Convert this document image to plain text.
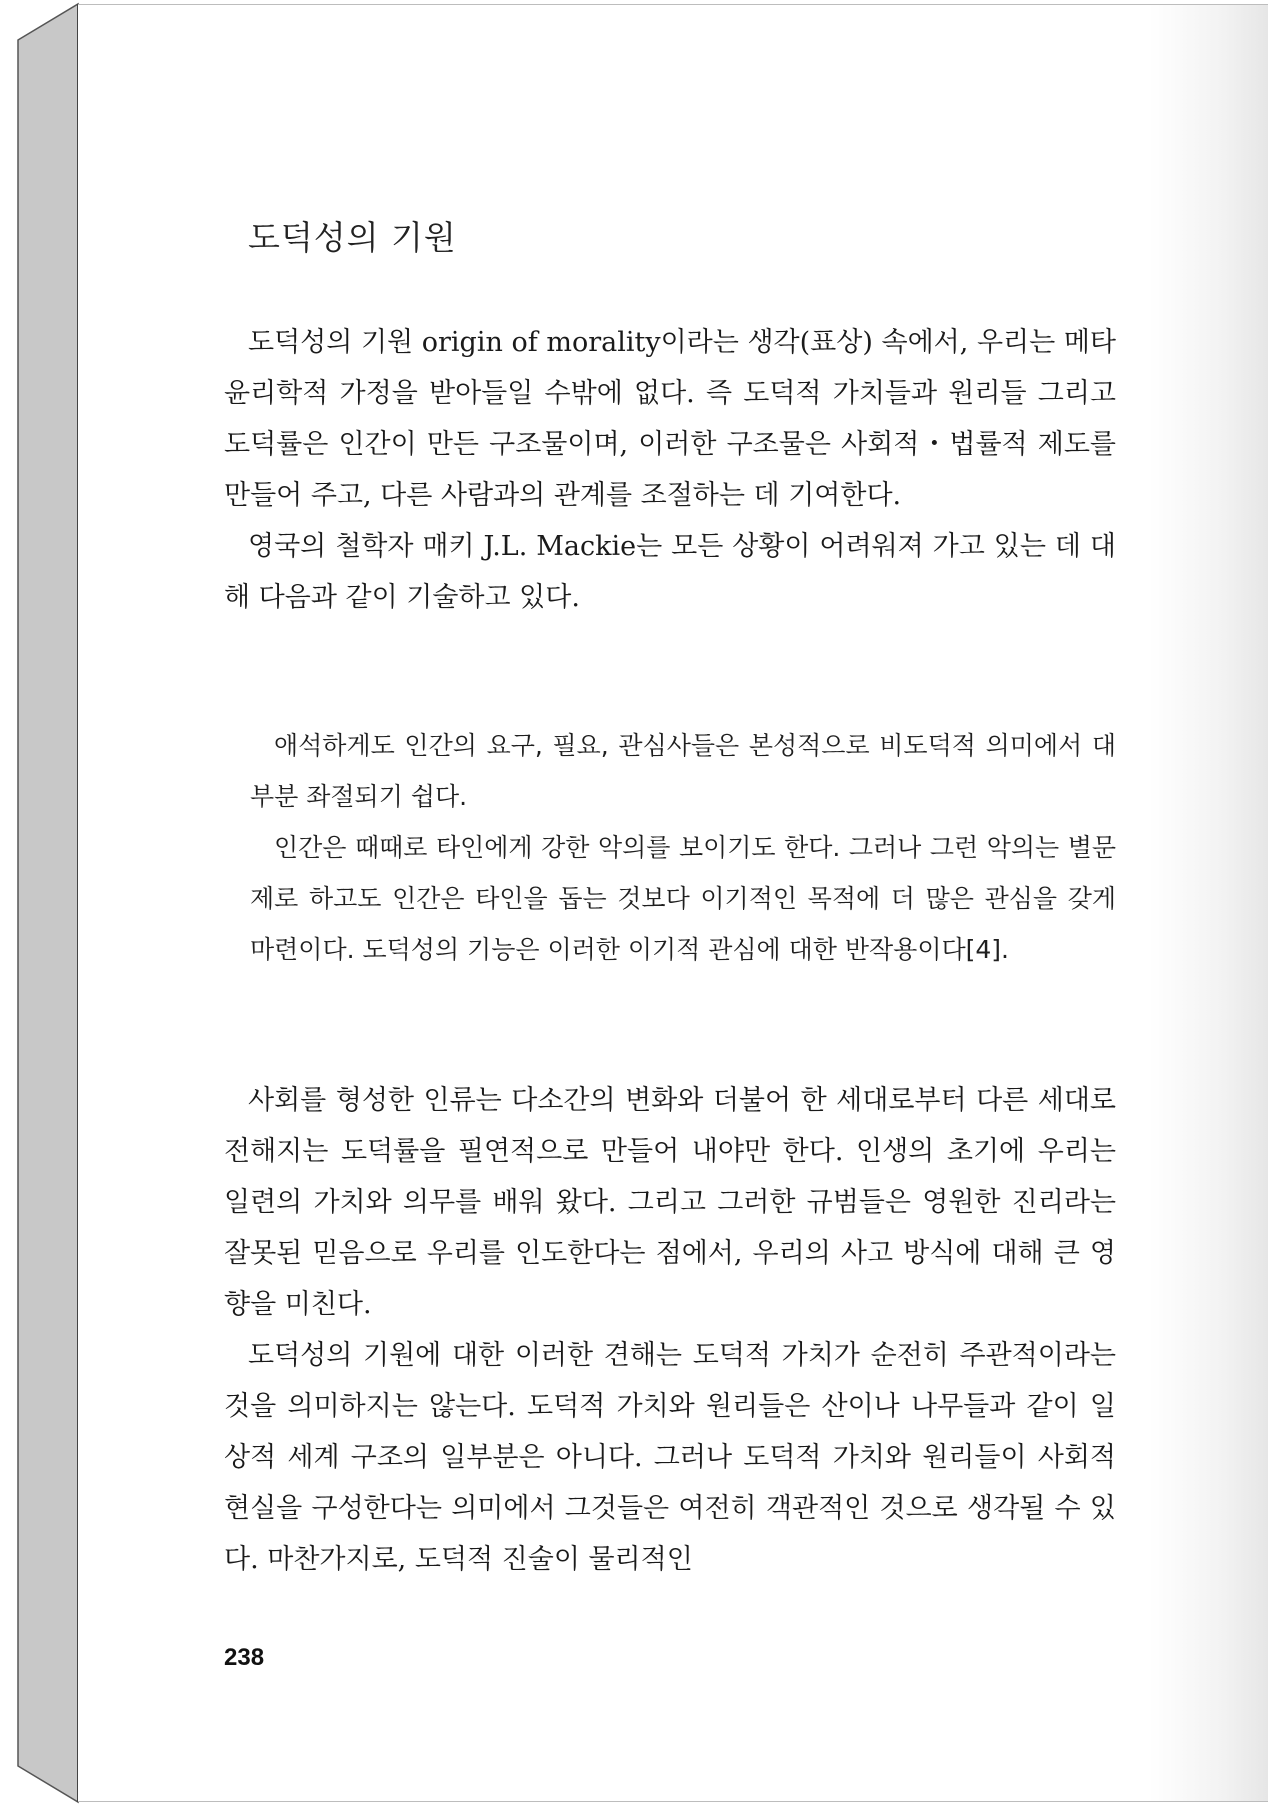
도덕성의 기원

도덕성의 기원 origin of morality이라는 생각(표상) 속에서, 우리는 메타 윤리학적 가정을 받아들일 수밖에 없다. 즉 도덕적 가치들과 원리들 그리고 도덕률은 인간이 만든 구조물이며, 이러한 구조물은 사회적・법률적 제도를 만들어 주고, 다른 사람과의 관계를 조절하는 데 기여한다.

영국의 철학자 매키 J.L. Mackie는 모든 상황이 어려워져 가고 있는 데 대해 다음과 같이 기술하고 있다.

애석하게도 인간의 요구, 필요, 관심사들은 본성적으로 비도덕적 의미에서 대부분 좌절되기 쉽다.

인간은 때때로 타인에게 강한 악의를 보이기도 한다. 그러나 그런 악의는 별문제로 하고도 인간은 타인을 돕는 것보다 이기적인 목적에 더 많은 관심을 갖게 마련이다. 도덕성의 기능은 이러한 이기적 관심에 대한 반작용이다[4].

사회를 형성한 인류는 다소간의 변화와 더불어 한 세대로부터 다른 세대로 전해지는 도덕률을 필연적으로 만들어 내야만 한다. 인생의 초기에 우리는 일련의 가치와 의무를 배워 왔다. 그리고 그러한 규범들은 영원한 진리라는 잘못된 믿음으로 우리를 인도한다는 점에서, 우리의 사고 방식에 대해 큰 영향을 미친다.

도덕성의 기원에 대한 이러한 견해는 도덕적 가치가 순전히 주관적이라는 것을 의미하지는 않는다. 도덕적 가치와 원리들은 산이나 나무들과 같이 일상적 세계 구조의 일부분은 아니다. 그러나 도덕적 가치와 원리들이 사회적 현실을 구성한다는 의미에서 그것들은 여전히 객관적인 것으로 생각될 수 있다. 마찬가지로, 도덕적 진술이 물리적인

238
